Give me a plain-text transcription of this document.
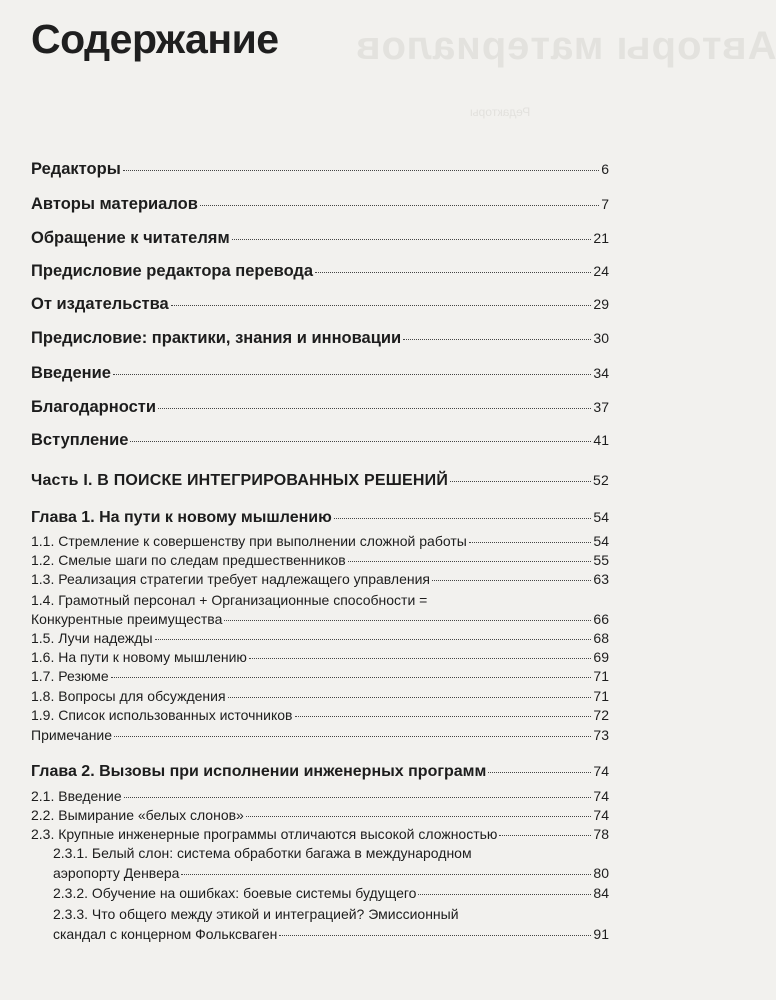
Авторы материалов
Редакторы
Содержание
Редакторы	6
Авторы материалов	7
Обращение к читателям	21
Предисловие редактора перевода	24
От издательства	29
Предисловие: практики, знания и инновации	30
Введение	34
Благодарности	37
Вступление	41
Часть I. В ПОИСКЕ ИНТЕГРИРОВАННЫХ РЕШЕНИЙ	52
Глава 1. На пути к новому мышлению	54
1.1. Стремление к совершенству при выполнении сложной работы	54
1.2. Смелые шаги по следам предшественников	55
1.3. Реализация стратегии требует надлежащего управления	63
1.4. Грамотный персонал + Организационные способности =
Конкурентные преимущества	66
1.5. Лучи надежды	68
1.6. На пути к новому мышлению	69
1.7. Резюме	71
1.8. Вопросы для обсуждения	71
1.9. Список использованных источников	72
Примечание	73
Глава 2. Вызовы при исполнении инженерных программ	74
2.1. Введение	74
2.2. Вымирание «белых слонов»	74
2.3. Крупные инженерные программы отличаются высокой сложностью	78
2.3.1. Белый слон: система обработки багажа в международном
аэропорту Денвера	80
2.3.2. Обучение на ошибках: боевые системы будущего	84
2.3.3. Что общего между этикой и интеграцией? Эмиссионный
скандал с концерном Фольксваген	91
